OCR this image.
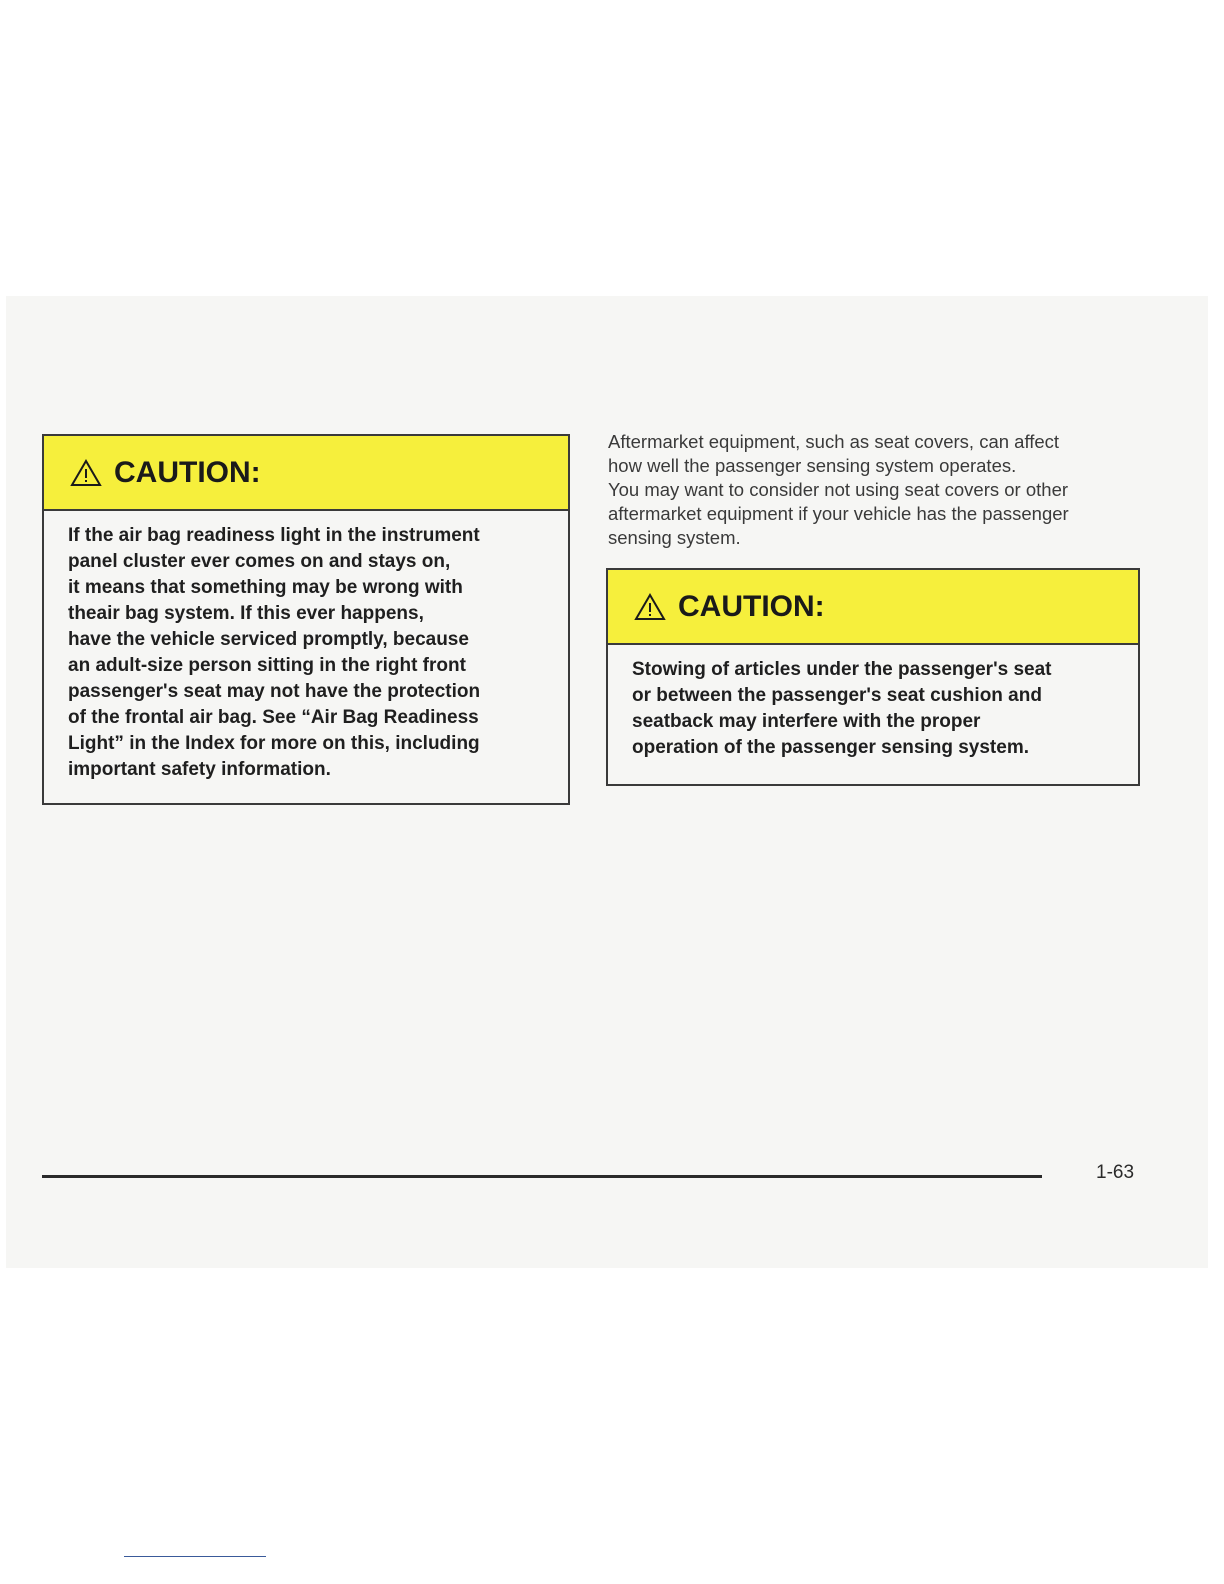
CAUTION:
If the air bag readiness light in the instrument
panel cluster ever comes on and stays on,
it means that something may be wrong with
theair bag system. If this ever happens,
have the vehicle serviced promptly, because
an adult-size person sitting in the right front
passenger's seat may not have the protection
of the frontal air bag. See “Air Bag Readiness
Light” in the Index for more on this, including
important safety information.
Aftermarket equipment, such as seat covers, can affect
how well the passenger sensing system operates.
You may want to consider not using seat covers or other
aftermarket equipment if your vehicle has the passenger
sensing system.
CAUTION:
Stowing of articles under the passenger's seat
or between the passenger's seat cushion and
seatback may interfere with the proper
operation of the passenger sensing system.
1-63
